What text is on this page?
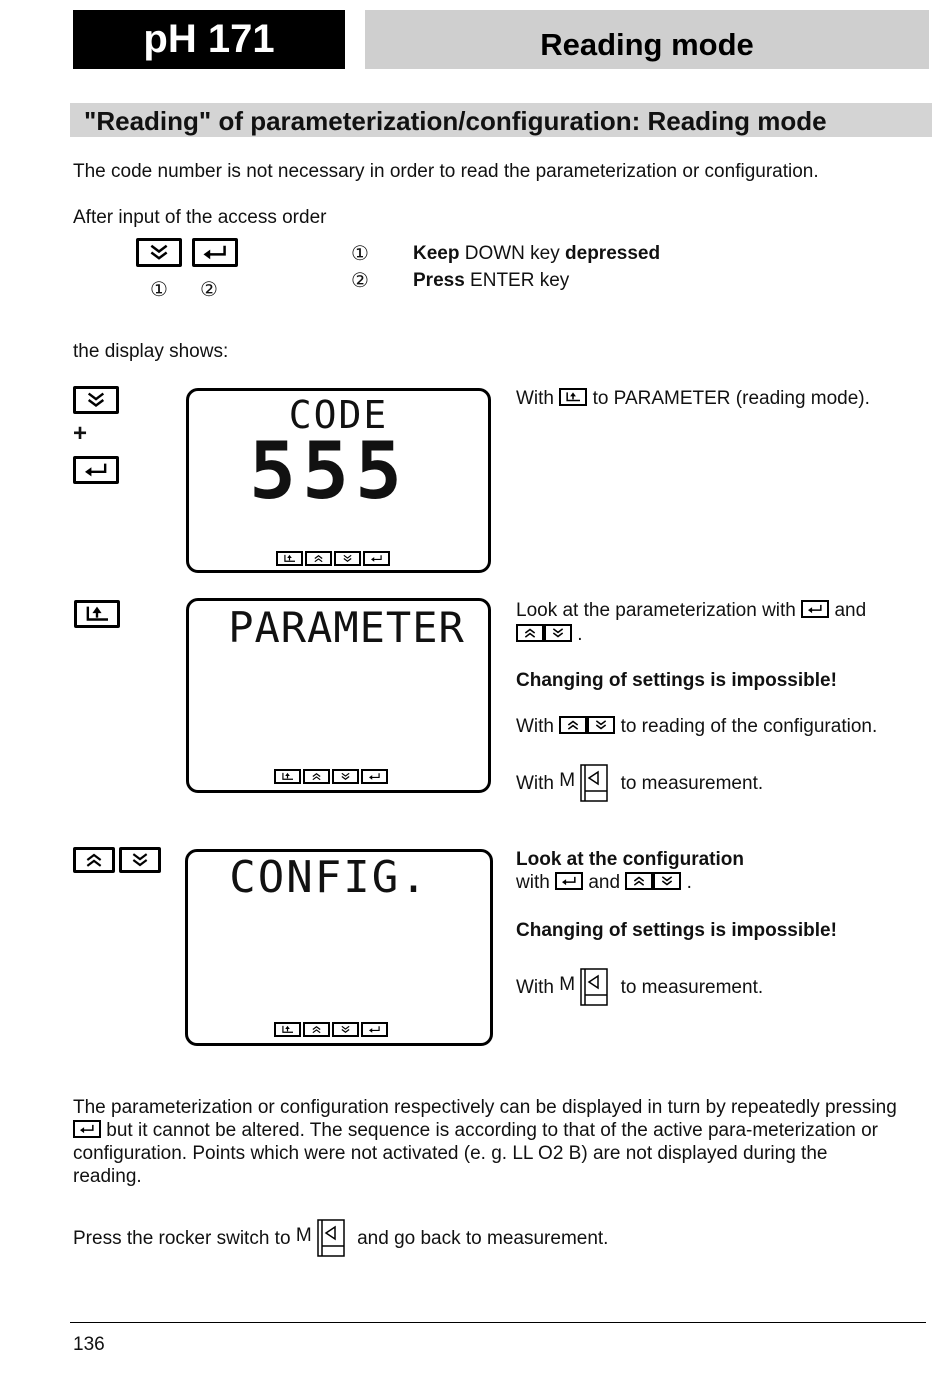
pH 171	Reading mode
"Reading" of parameterization/configuration: Reading mode
The code number is not necessary in order to read the parameterization or configuration.
After input of the access order
① ②
① Keep DOWN key depressed
② Press ENTER key
the display shows:
+	CODE
555
With to PARAMETER (reading mode).
PARAMETER	Look at the parameterization with and

.
Changing of settings is impossible!
With	to reading of the configuration.
With M to measurement.
CONFIG.	Look at the configuration
with and	.
Changing of settings is impossible!
With M to measurement.
The parameterization or configuration respectively can be displayed in turn by repeatedly pressing
but it cannot be altered. The sequence is according to that of the active para-meterization or
configuration. Points which were not activated (e. g. LL O2 B) are not displayed during the
reading.
Press the rocker switch to M and go back to measurement.
136
